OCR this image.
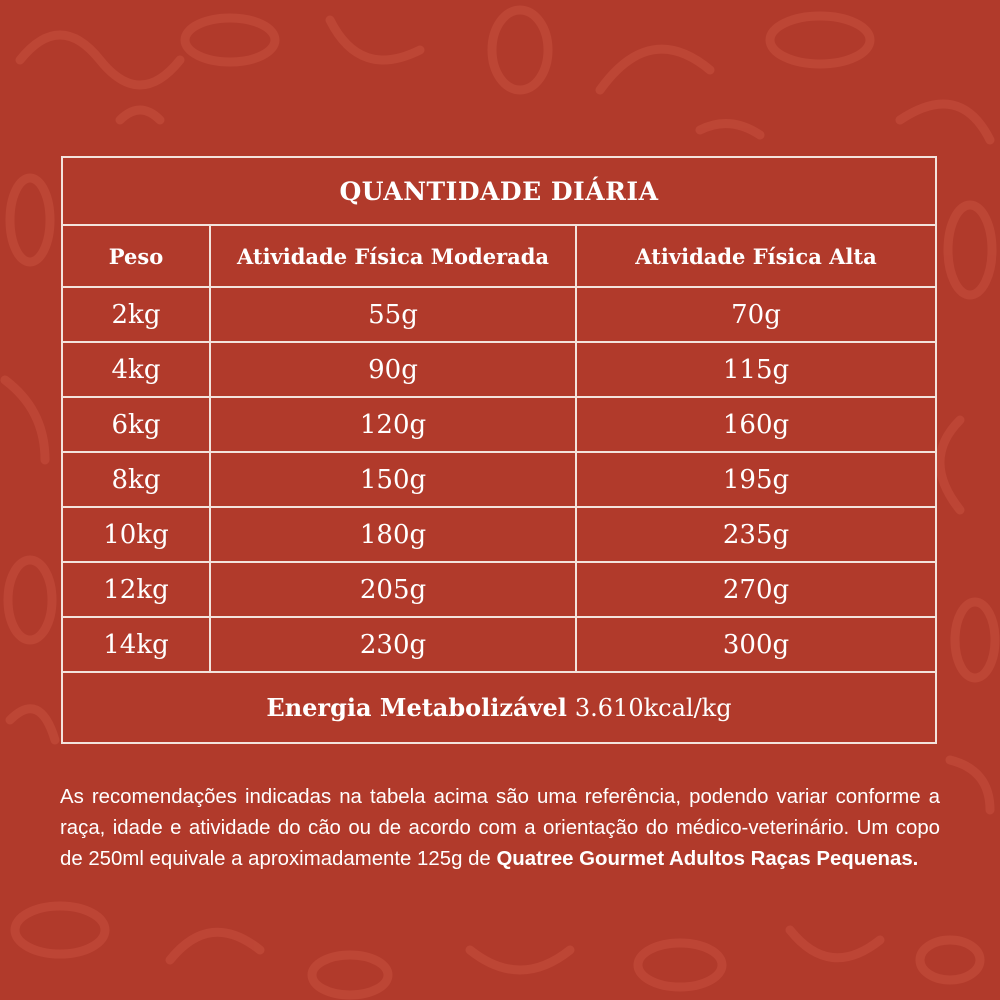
QUANTIDADE DIÁRIA
Peso	Atividade Física Moderada	Atividade Física Alta
2kg	55g	70g
4kg	90g	115g
6kg	120g	160g
8kg	150g	195g
10kg	180g	235g
12kg	205g	270g
14kg	230g	300g
Energia Metabolizável 3.610kcal/kg
As recomendações indicadas na tabela acima são uma referência, podendo variar conforme a raça, idade e atividade do cão ou de acordo com a orientação do médico-veterinário. Um copo de 250ml equivale a aproximadamente 125g de Quatree Gourmet Adultos Raças Pequenas.
